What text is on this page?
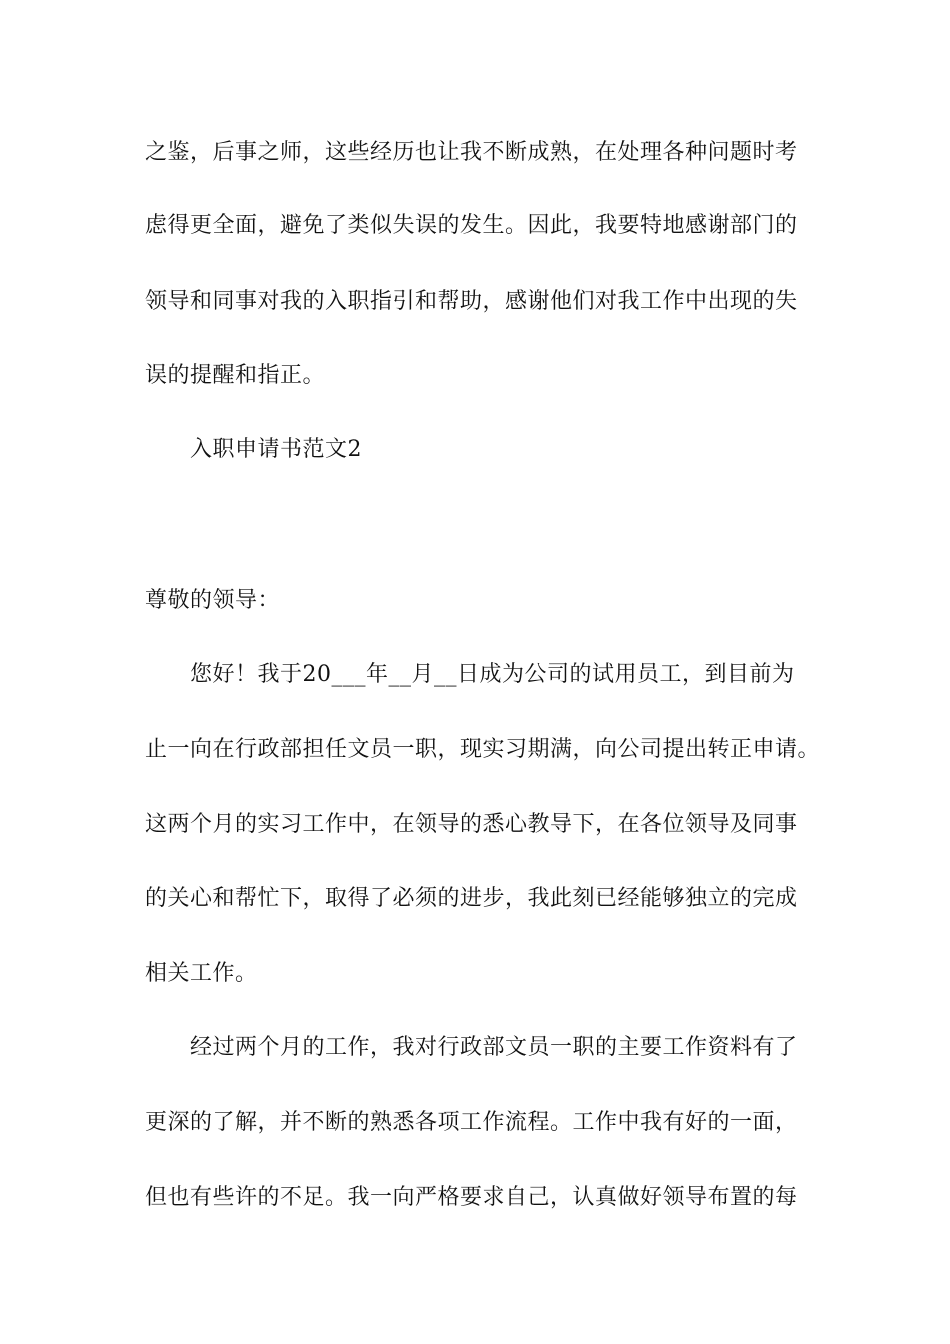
之鉴，后事之师，这些经历也让我不断成熟，在处理各种问题时考
虑得更全面，避免了类似失误的发生。因此，我要特地感谢部门的
领导和同事对我的入职指引和帮助，感谢他们对我工作中出现的失
误的提醒和指正。
入职申请书范文2
尊敬的领导：
您好！我于20___年__月__日成为公司的试用员工，到目前为
止一向在行政部担任文员一职，现实习期满，向公司提出转正申请。
这两个月的实习工作中，在领导的悉心教导下，在各位领导及同事
的关心和帮忙下，取得了必须的进步，我此刻已经能够独立的完成
相关工作。
经过两个月的工作，我对行政部文员一职的主要工作资料有了
更深的了解，并不断的熟悉各项工作流程。工作中我有好的一面，
但也有些许的不足。我一向严格要求自己，认真做好领导布置的每
